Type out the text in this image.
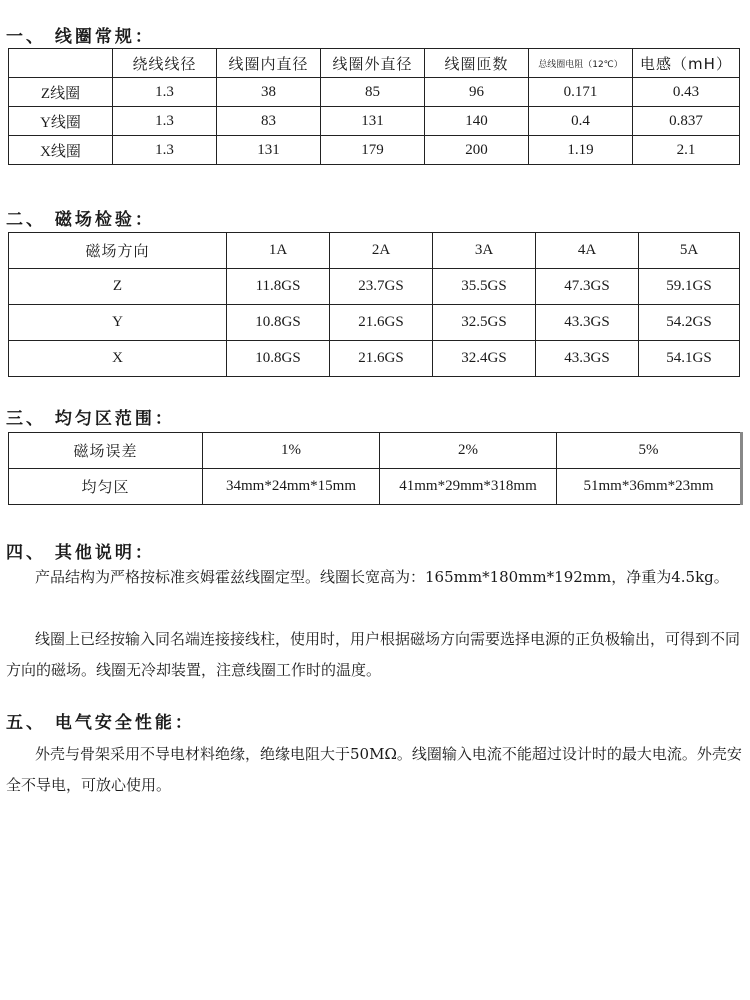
一、 线圈常规：
	绕线线径	线圈内直径	线圈外直径	线圈匝数	总线圈电阻（12℃）	电感（mH）
Z线圈	1.3	38	85	96	0.171	0.43
Y线圈	1.3	83	131	140	0.4	0.837
X线圈	1.3	131	179	200	1.19	2.1
二、 磁场检验：
磁场方向	1A	2A	3A	4A	5A
Z	11.8GS	23.7GS	35.5GS	47.3GS	59.1GS
Y	10.8GS	21.6GS	32.5GS	43.3GS	54.2GS
X	10.8GS	21.6GS	32.4GS	43.3GS	54.1GS
三、 均匀区范围：
磁场误差	1%	2%	5%
均匀区	34mm*24mm*15mm	41mm*29mm*318mm	51mm*36mm*23mm
四、 其他说明：
产品结构为严格按标准亥姆霍兹线圈定型。线圈长宽高为：165mm*180mm*192mm，净重为4.5kg。
线圈上已经按输入同名端连接接线柱，使用时，用户根据磁场方向需要选择电源的正负极输出，可得到不同方向的磁场。线圈无冷却装置，注意线圈工作时的温度。
五、 电气安全性能：
外壳与骨架采用不导电材料绝缘，绝缘电阻大于50MΩ。线圈输入电流不能超过设计时的最大电流。外壳安全不导电，可放心使用。
